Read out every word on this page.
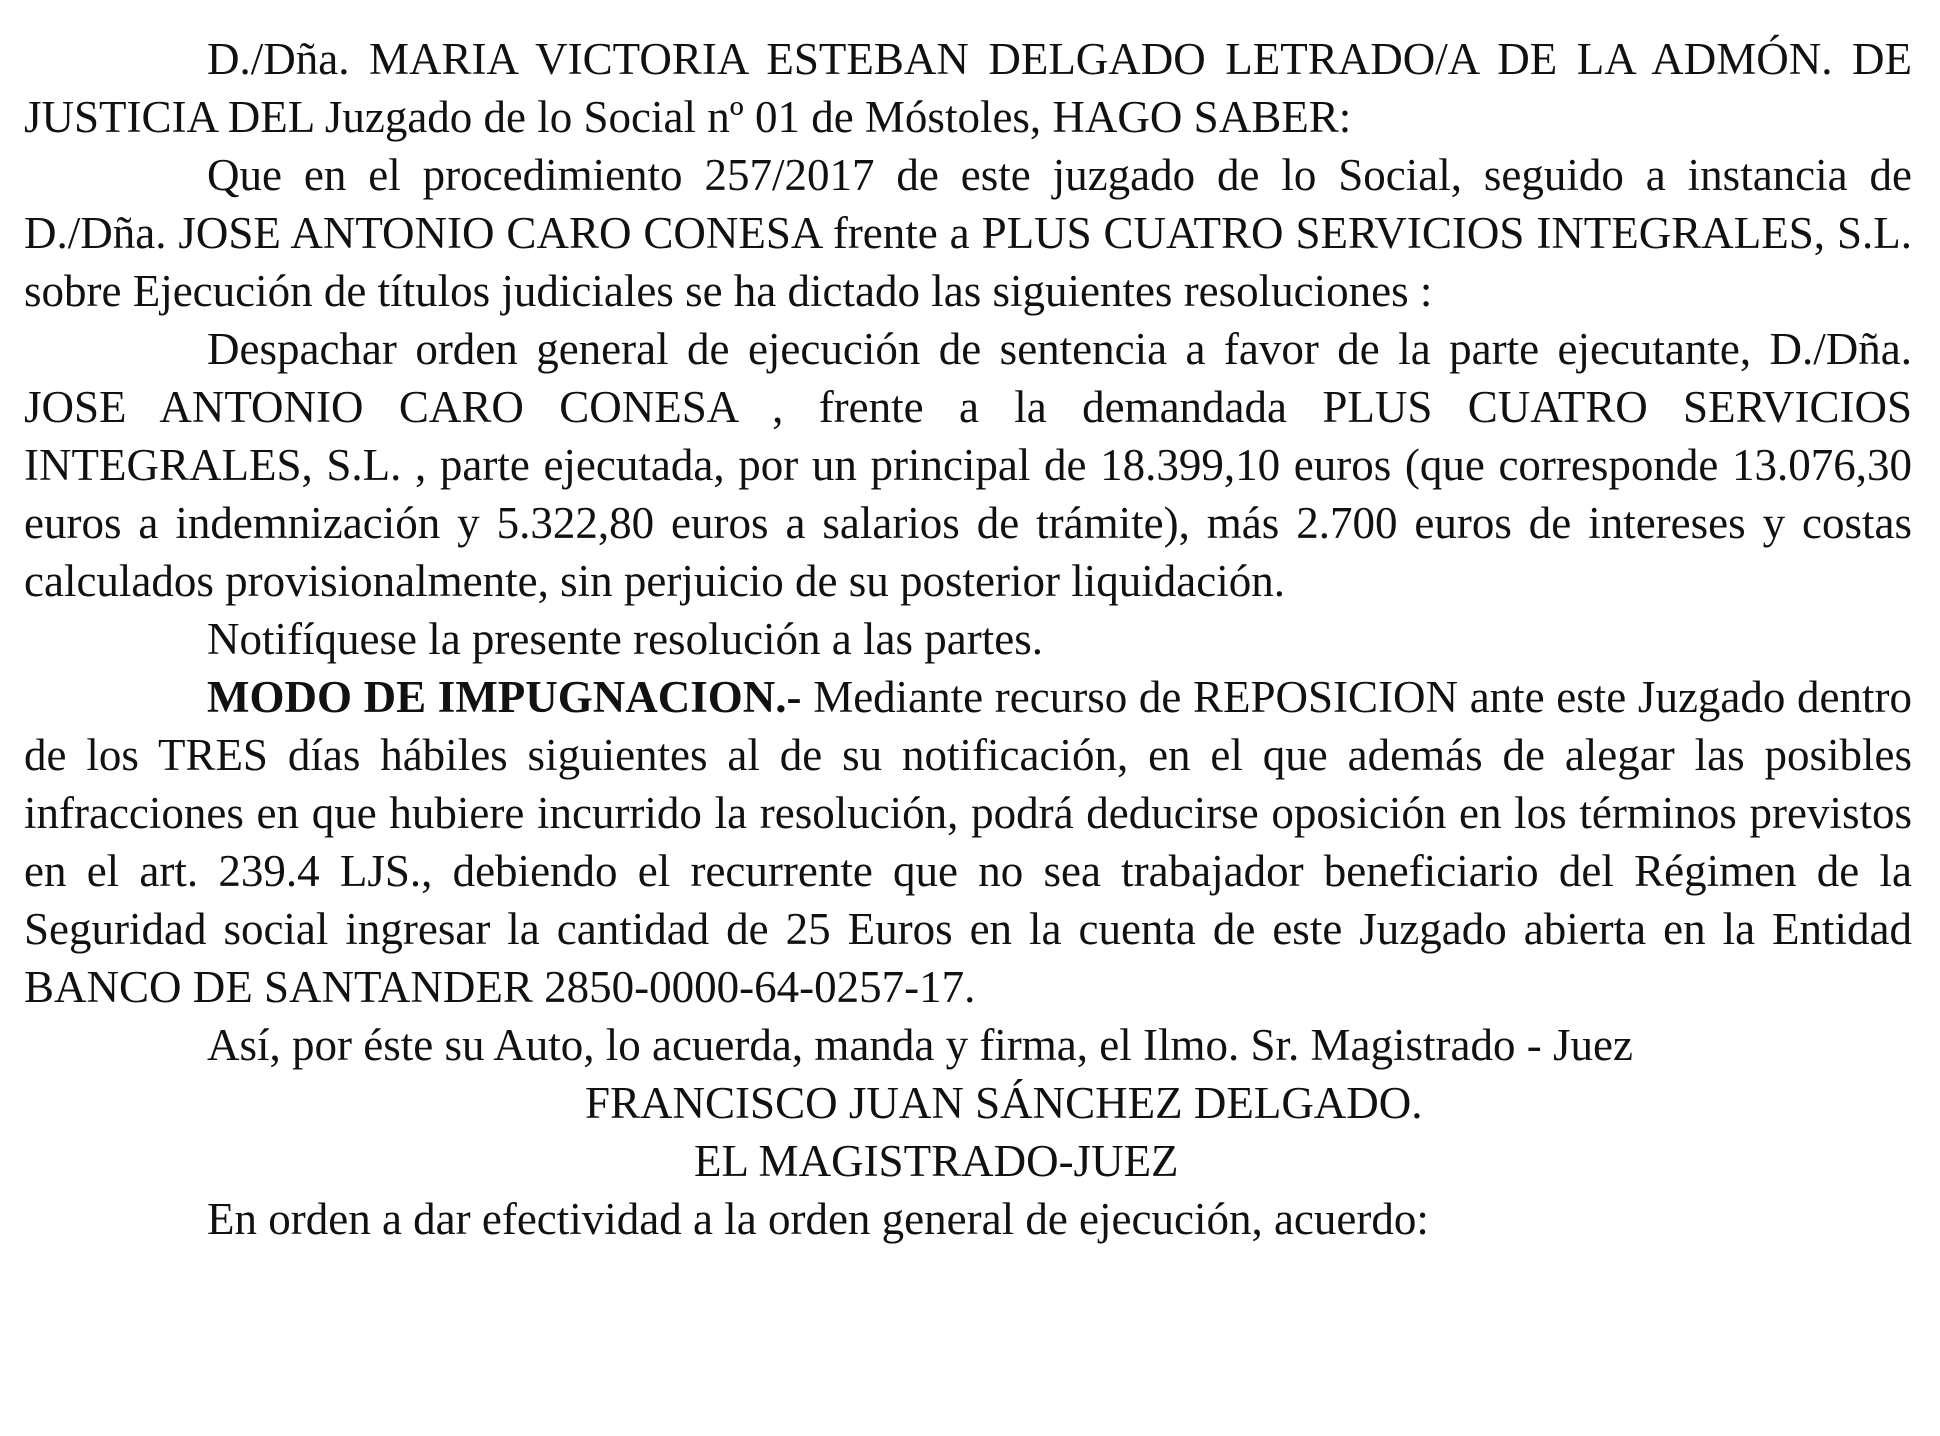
D./Dña. MARIA VICTORIA ESTEBAN DELGADO LETRADO/A DE LA ADMÓN. DE JUSTICIA DEL Juzgado de lo Social nº 01 de Móstoles, HAGO SABER:

Que en el procedimiento 257/2017 de este juzgado de lo Social, seguido a instancia de D./Dña. JOSE ANTONIO CARO CONESA frente a PLUS CUATRO SERVICIOS INTEGRALES, S.L. sobre Ejecución de títulos judiciales se ha dictado las siguientes resoluciones :

Despachar orden general de ejecución de sentencia a favor de la parte ejecutante, D./Dña. JOSE ANTONIO CARO CONESA , frente a la demandada PLUS CUATRO SERVICIOS INTEGRALES, S.L. , parte ejecutada, por un principal de 18.399,10 euros (que corresponde 13.076,30 euros a indemnización y 5.322,80 euros a salarios de trámite), más 2.700 euros de intereses y costas calculados provisionalmente, sin perjuicio de su posterior liquidación.

Notifíquese la presente resolución a las partes.

MODO DE IMPUGNACION.- Mediante recurso de REPOSICION ante este Juzgado dentro de los TRES días hábiles siguientes al de su notificación, en el que además de alegar las posibles infracciones en que hubiere incurrido la resolución, podrá deducirse oposición en los términos previstos en el art. 239.4 LJS., debiendo el recurrente que no sea trabajador beneficiario del Régimen de la Seguridad social ingresar la cantidad de 25 Euros en la cuenta de este Juzgado abierta en la Entidad BANCO DE SANTANDER 2850-0000-64-0257-17.

Así, por éste su Auto, lo acuerda, manda y firma, el Ilmo. Sr. Magistrado - Juez

FRANCISCO JUAN SÁNCHEZ DELGADO.

EL MAGISTRADO-JUEZ

En orden a dar efectividad a la orden general de ejecución, acuerdo:
